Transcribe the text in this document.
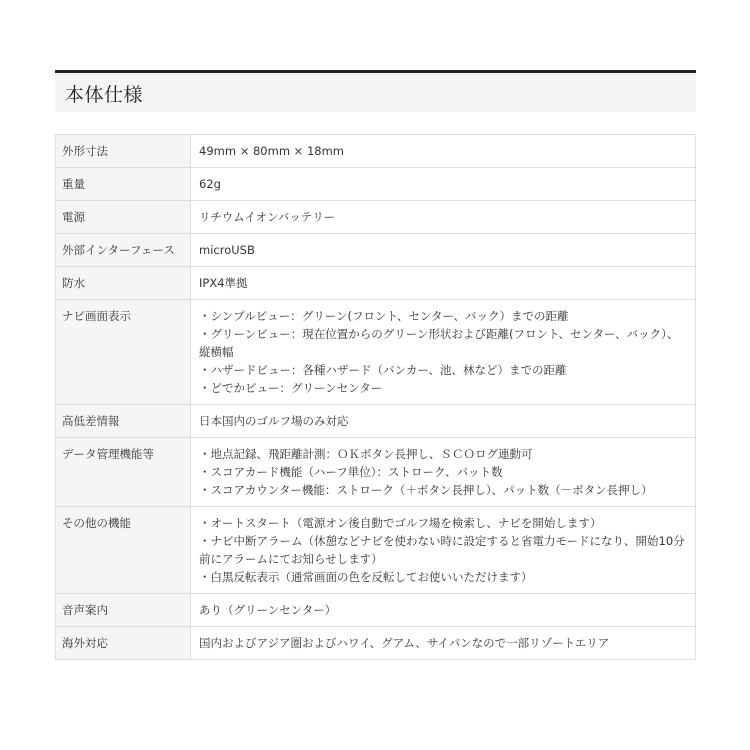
本体仕様
外形寸法	49mm × 80mm × 18mm

重量	62g

電源	リチウムイオンバッテリー

外部インターフェース	microUSB

防水	IPX4準拠

ナビ画面表示	・シンプルビュー：グリーン(フロント、センター、バック）までの距離
・グリーンビュー：現在位置からのグリーン形状および距離(フロント、センター、バック）、縦横幅
・ハザードビュー：各種ハザード（バンカー、池、林など）までの距離
・どでかビュー：グリーンセンター

高低差情報	日本国内のゴルフ場のみ対応

データ管理機能等	・地点記録、飛距離計測：ＯＫボタン長押し、ＳＣＯログ連動可
・スコアカード機能（ハーフ単位）：ストローク、パット数
・スコアカウンター機能：ストローク（＋ボタン長押し）、パット数（－ボタン長押し）

その他の機能	・オートスタート（電源オン後自動でゴルフ場を検索し、ナビを開始します）
・ナビ中断アラーム（休憩などナビを使わない時に設定すると省電力モードになり、開始10分前にアラームにてお知らせします）
・白黒反転表示（通常画面の色を反転してお使いいただけます）

音声案内	あり（グリーンセンター）

海外対応	国内およびアジア圏およびハワイ、グアム、サイパンなので一部リゾートエリア
